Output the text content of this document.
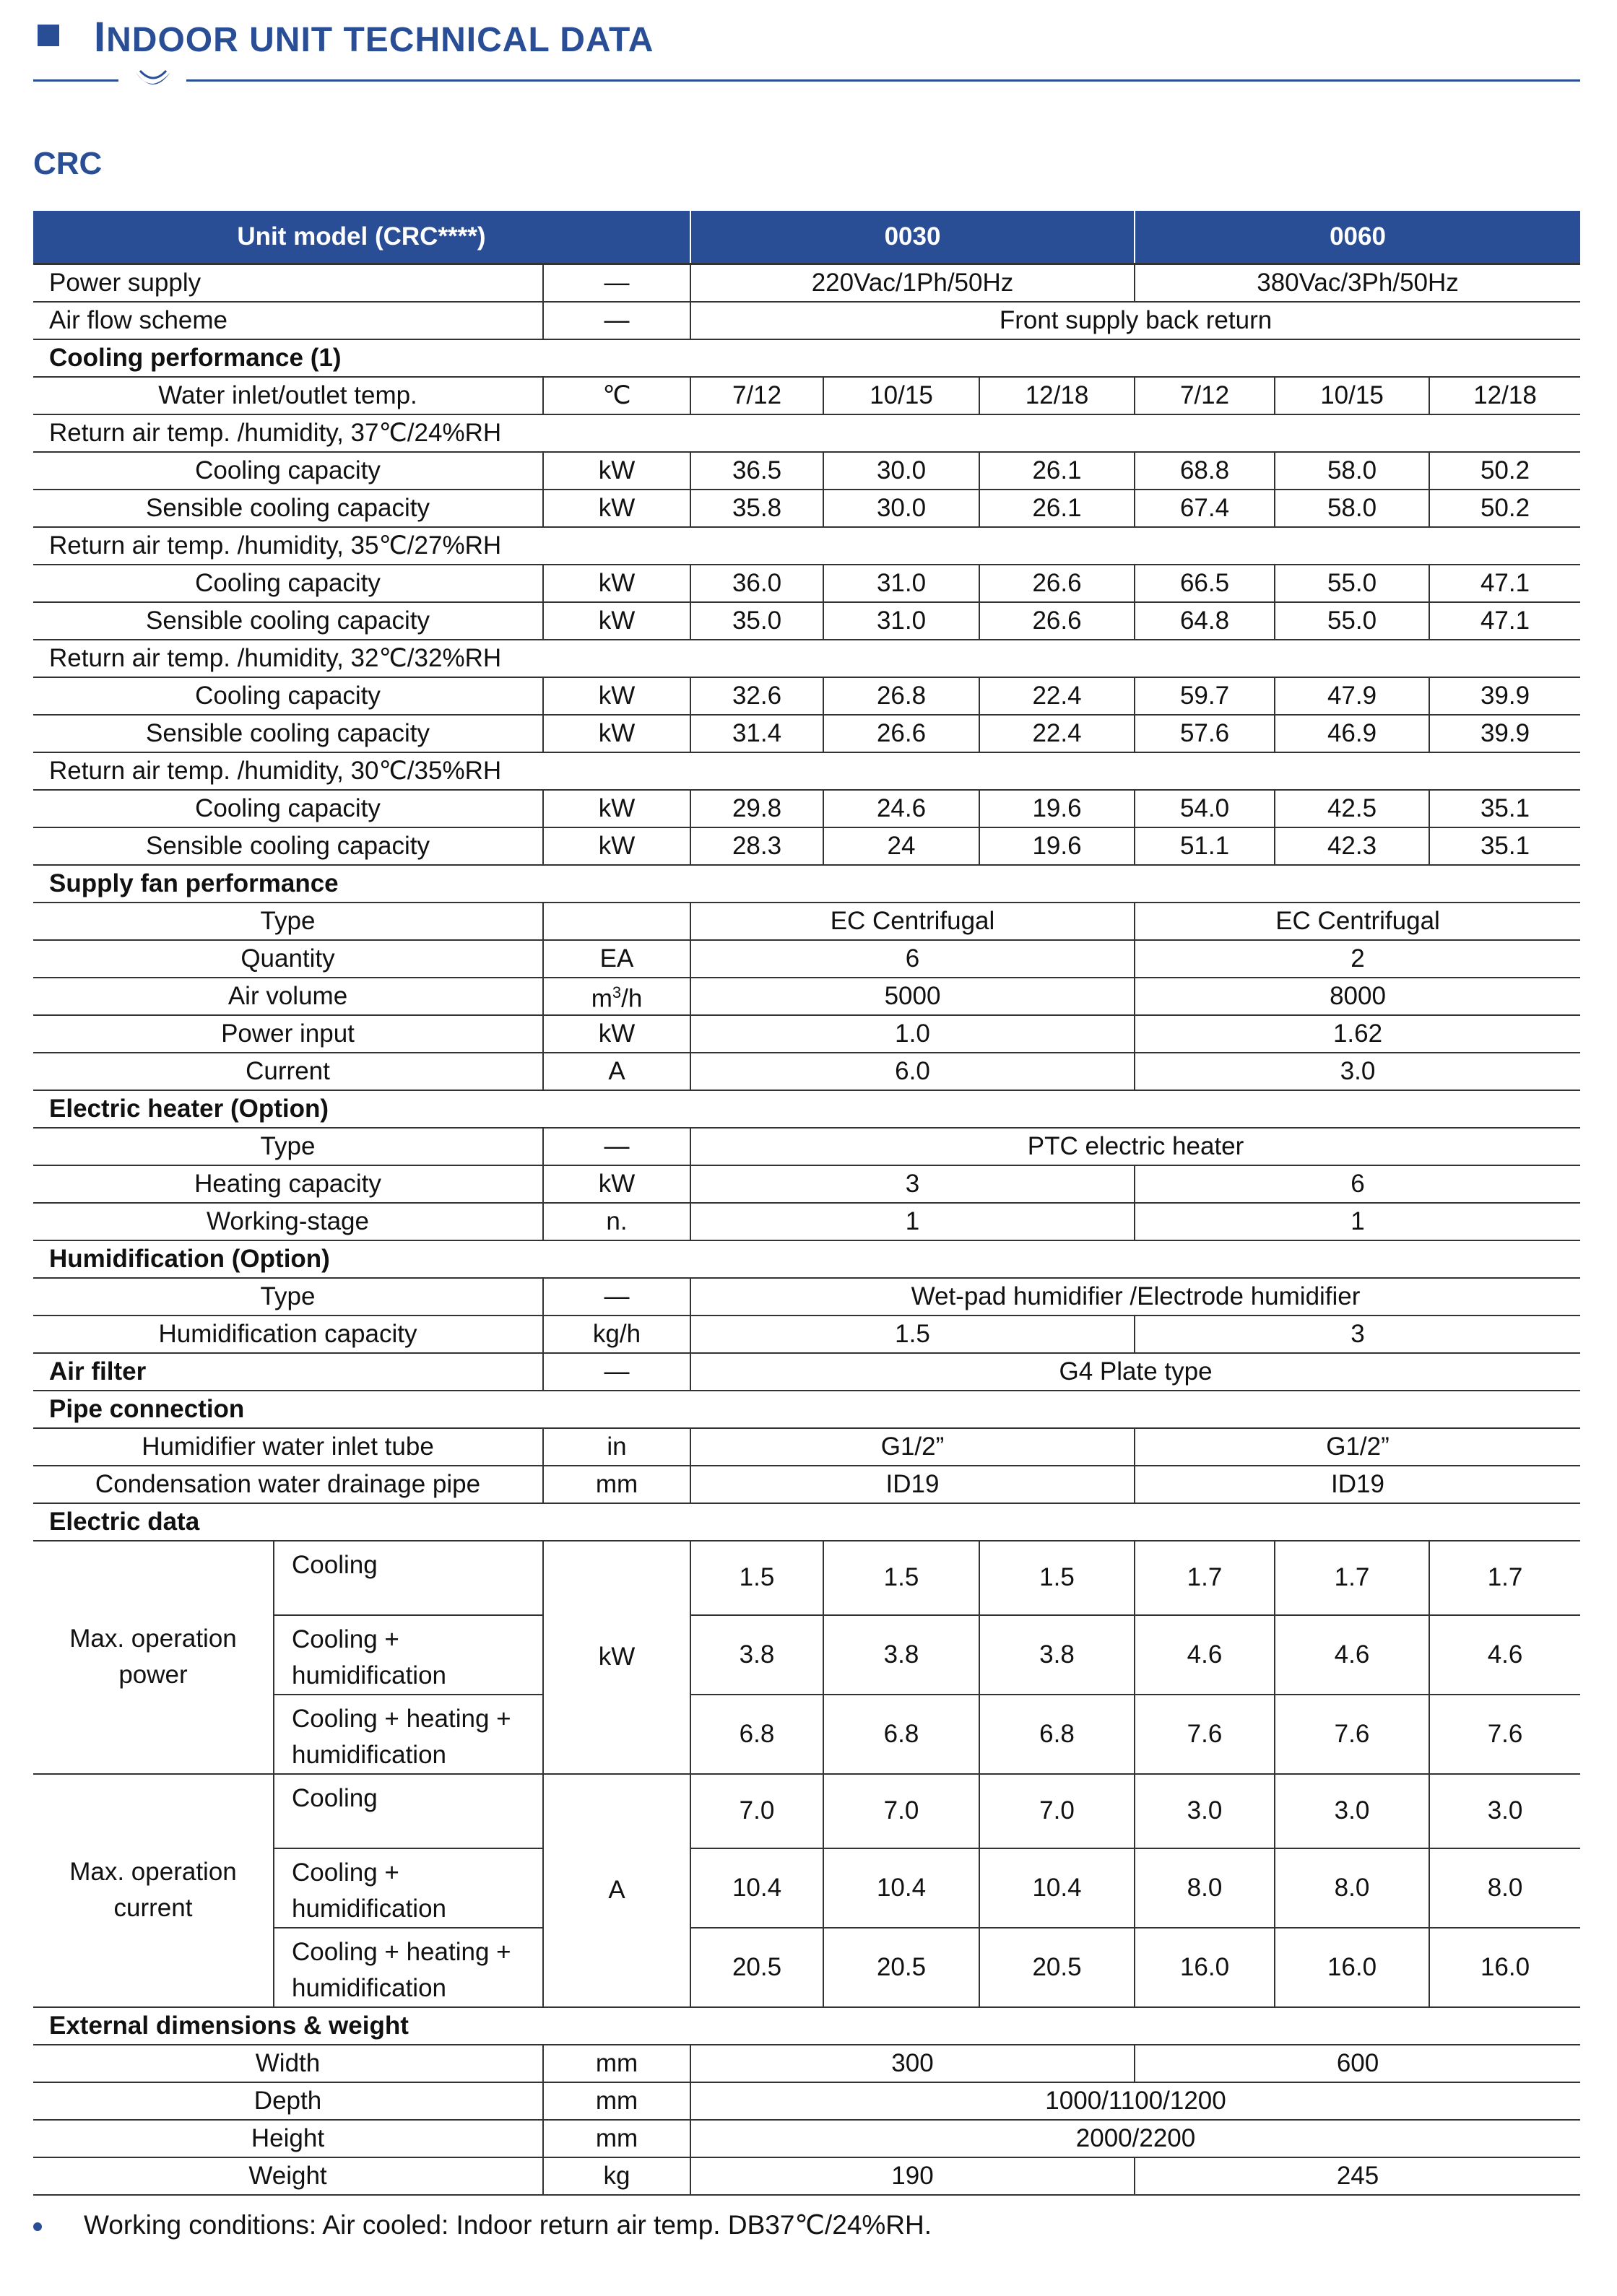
INDOOR UNIT TECHNICAL DATA
CRC
Unit model (CRC****)			0030			0060		
Power supply		—	220Vac/1Ph/50Hz			380Vac/3Ph/50Hz		
Air flow scheme		—	Front supply back return					
Cooling performance (1)								
Water inlet/outlet temp.		℃	7/12	10/15	12/18	7/12	10/15	12/18
Return air temp. /humidity, 37℃/24%RH								
Cooling capacity		kW	36.5	30.0	26.1	68.8	58.0	50.2
Sensible cooling capacity		kW	35.8	30.0	26.1	67.4	58.0	50.2
Return air temp. /humidity, 35℃/27%RH								
Cooling capacity		kW	36.0	31.0	26.6	66.5	55.0	47.1
Sensible cooling capacity		kW	35.0	31.0	26.6	64.8	55.0	47.1
Return air temp. /humidity, 32℃/32%RH								
Cooling capacity		kW	32.6	26.8	22.4	59.7	47.9	39.9
Sensible cooling capacity		kW	31.4	26.6	22.4	57.6	46.9	39.9
Return air temp. /humidity, 30℃/35%RH								
Cooling capacity		kW	29.8	24.6	19.6	54.0	42.5	35.1
Sensible cooling capacity		kW	28.3	24	19.6	51.1	42.3	35.1
Supply fan performance								
Type			EC Centrifugal			EC Centrifugal		
Quantity		EA	6			2		
Air volume		$m^3/h$	5000			8000		
Power input		kW	1.0			1.62		
Current		A	6.0			3.0		
Electric heater (Option)								
Type		—	PTC electric heater					
Heating capacity		kW	3			6		
Working-stage		n.	1			1		
Humidification (Option)								
Type		—	Wet-pad humidifier /Electrode humidifier					
Humidification capacity		kg/h	1.5			3		
Air filter		—	G4 Plate type					
Pipe connection								
Humidifier water inlet tube		in	G1/2”			G1/2”		
Condensation water drainage pipe		mm	ID19			ID19		
Electric data								
Max. operation power	Cooling	kW	1.5	1.5	1.5	1.7	1.7	1.7
	Cooling + humidification		3.8	3.8	3.8	4.6	4.6	4.6
	Cooling + heating + humidification		6.8	6.8	6.8	7.6	7.6	7.6
Max. operation current	Cooling	A	7.0	7.0	7.0	3.0	3.0	3.0
	Cooling + humidification		10.4	10.4	10.4	8.0	8.0	8.0
	Cooling + heating + humidification		20.5	20.5	20.5	16.0	16.0	16.0
External dimensions & weight								
Width		mm	300			600		
Depth		mm	1000/1100/1200					
Height		mm	2000/2200					
Weight		kg	190			245		
Working conditions: Air cooled: Indoor return air temp. DB37℃/24%RH.
